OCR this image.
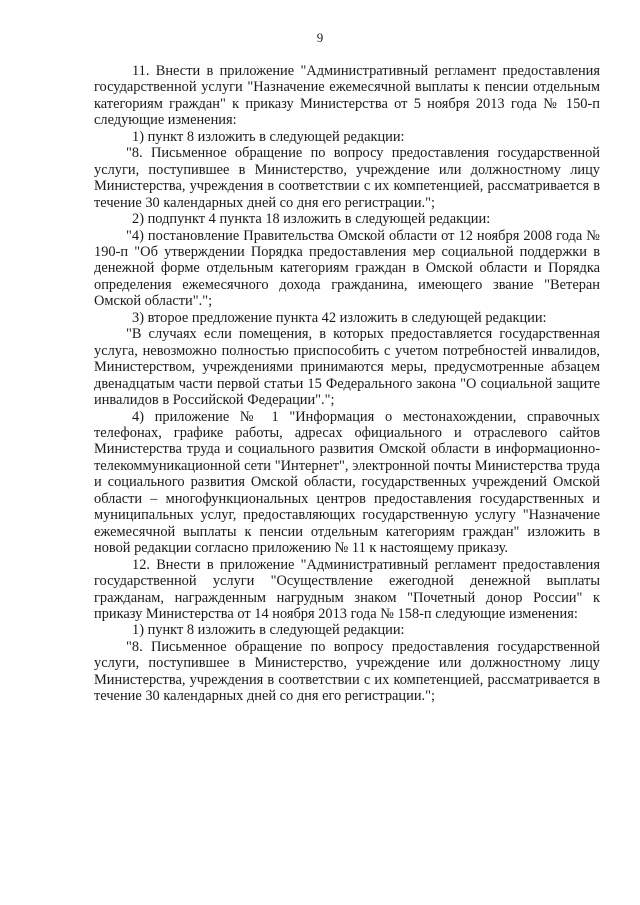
9

11. Внести в приложение "Административный регламент предоставления государственной услуги "Назначение ежемесячной выплаты к пенсии отдельным категориям граждан" к приказу Министерства от 5 ноября 2013 года № 150-п следующие изменения:

1) пункт 8 изложить в следующей редакции:

"8. Письменное обращение по вопросу предоставления государственной услуги, поступившее в Министерство, учреждение или должностному лицу Министерства, учреждения в соответствии с их компетенцией, рассматривается в течение 30 календарных дней со дня его регистрации.";

2) подпункт 4 пункта 18 изложить в следующей редакции:

"4) постановление Правительства Омской области от 12 ноября 2008 года № 190-п "Об утверждении Порядка предоставления мер социальной поддержки в денежной форме отдельным категориям граждан в Омской области и Порядка определения ежемесячного дохода гражданина, имеющего звание "Ветеран Омской области".";

3) второе предложение пункта 42 изложить в следующей редакции:

"В случаях если помещения, в которых предоставляется государственная услуга, невозможно полностью приспособить с учетом потребностей инвалидов, Министерством, учреждениями принимаются меры, предусмотренные абзацем двенадцатым части первой статьи 15 Федерального закона "О социальной защите инвалидов в Российской Федерации".";

4) приложение № 1 "Информация о местонахождении, справочных телефонах, графике работы, адресах официального и отраслевого сайтов Министерства труда и социального развития Омской области в информационно-телекоммуникационной сети "Интернет", электронной почты Министерства труда и социального развития Омской области, государственных учреждений Омской области – многофункциональных центров предоставления государственных и муниципальных услуг, предоставляющих государственную услугу "Назначение ежемесячной выплаты к пенсии отдельным категориям граждан" изложить в новой редакции согласно приложению № 11 к настоящему приказу.

12. Внести в приложение "Административный регламент предоставления государственной услуги "Осуществление ежегодной денежной выплаты гражданам, награжденным нагрудным знаком "Почетный донор России" к приказу Министерства от 14 ноября 2013 года № 158-п следующие изменения:

1) пункт 8 изложить в следующей редакции:

"8. Письменное обращение по вопросу предоставления государственной услуги, поступившее в Министерство, учреждение или должностному лицу Министерства, учреждения в соответствии с их компетенцией, рассматривается в течение 30 календарных дней со дня его регистрации.";
